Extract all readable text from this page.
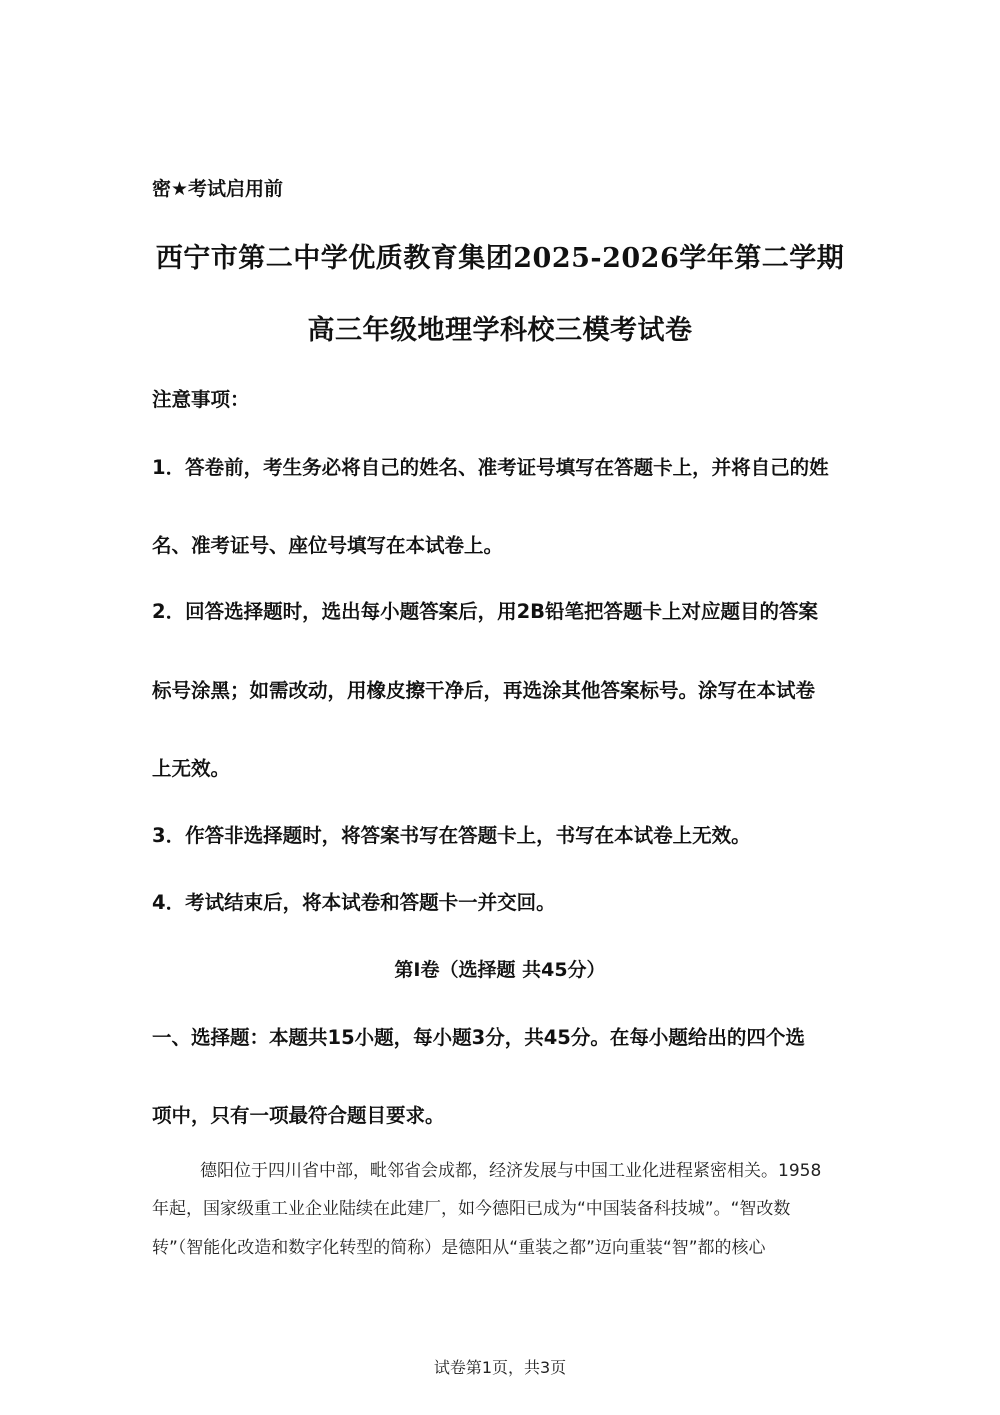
密★考试启用前

西宁市第二中学优质教育集团2025-2026学年第二学期
高三年级地理学科校三模考试卷

注意事项：

1．答卷前，考生务必将自己的姓名、准考证号填写在答题卡上，并将自己的姓

名、准考证号、座位号填写在本试卷上。

2．回答选择题时，选出每小题答案后，用2B铅笔把答题卡上对应题目的答案

标号涂黑；如需改动，用橡皮擦干净后，再选涂其他答案标号。涂写在本试卷

上无效。

3．作答非选择题时，将答案书写在答题卡上，书写在本试卷上无效。

4．考试结束后，将本试卷和答题卡一并交回。

第I卷（选择题 共45分）

一、选择题：本题共15小题，每小题3分，共45分。在每小题给出的四个选

项中，只有一项最符合题目要求。

德阳位于四川省中部，毗邻省会成都，经济发展与中国工业化进程紧密相关。1958

年起，国家级重工业企业陆续在此建厂，如今德阳已成为“中国装备科技城”。“智改数

转”（智能化改造和数字化转型的简称）是德阳从“重装之都”迈向重装“智”都的核心

试卷第1页，共3页
